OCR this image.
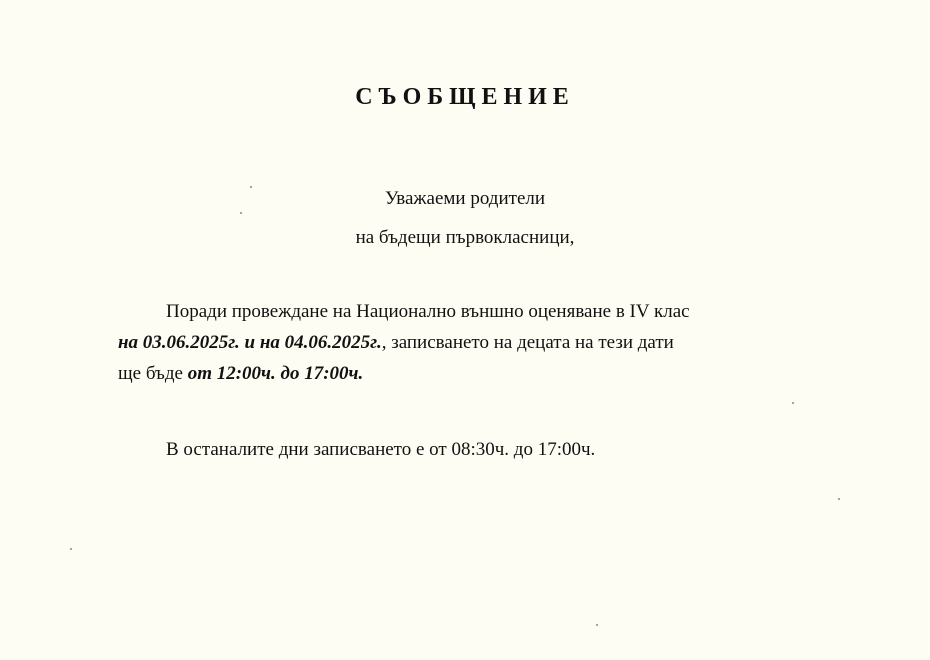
СЪОБЩЕНИЕ
Уважаеми родители
на бъдещи първокласници,
Поради провеждане на Национално външно оценяване в IV клас
на 03.06.2025г. и на 04.06.2025г., записването на децата на тези дати
ще бъде от 12:00ч. до 17:00ч.
В останалите дни записването е от 08:30ч. до 17:00ч.
